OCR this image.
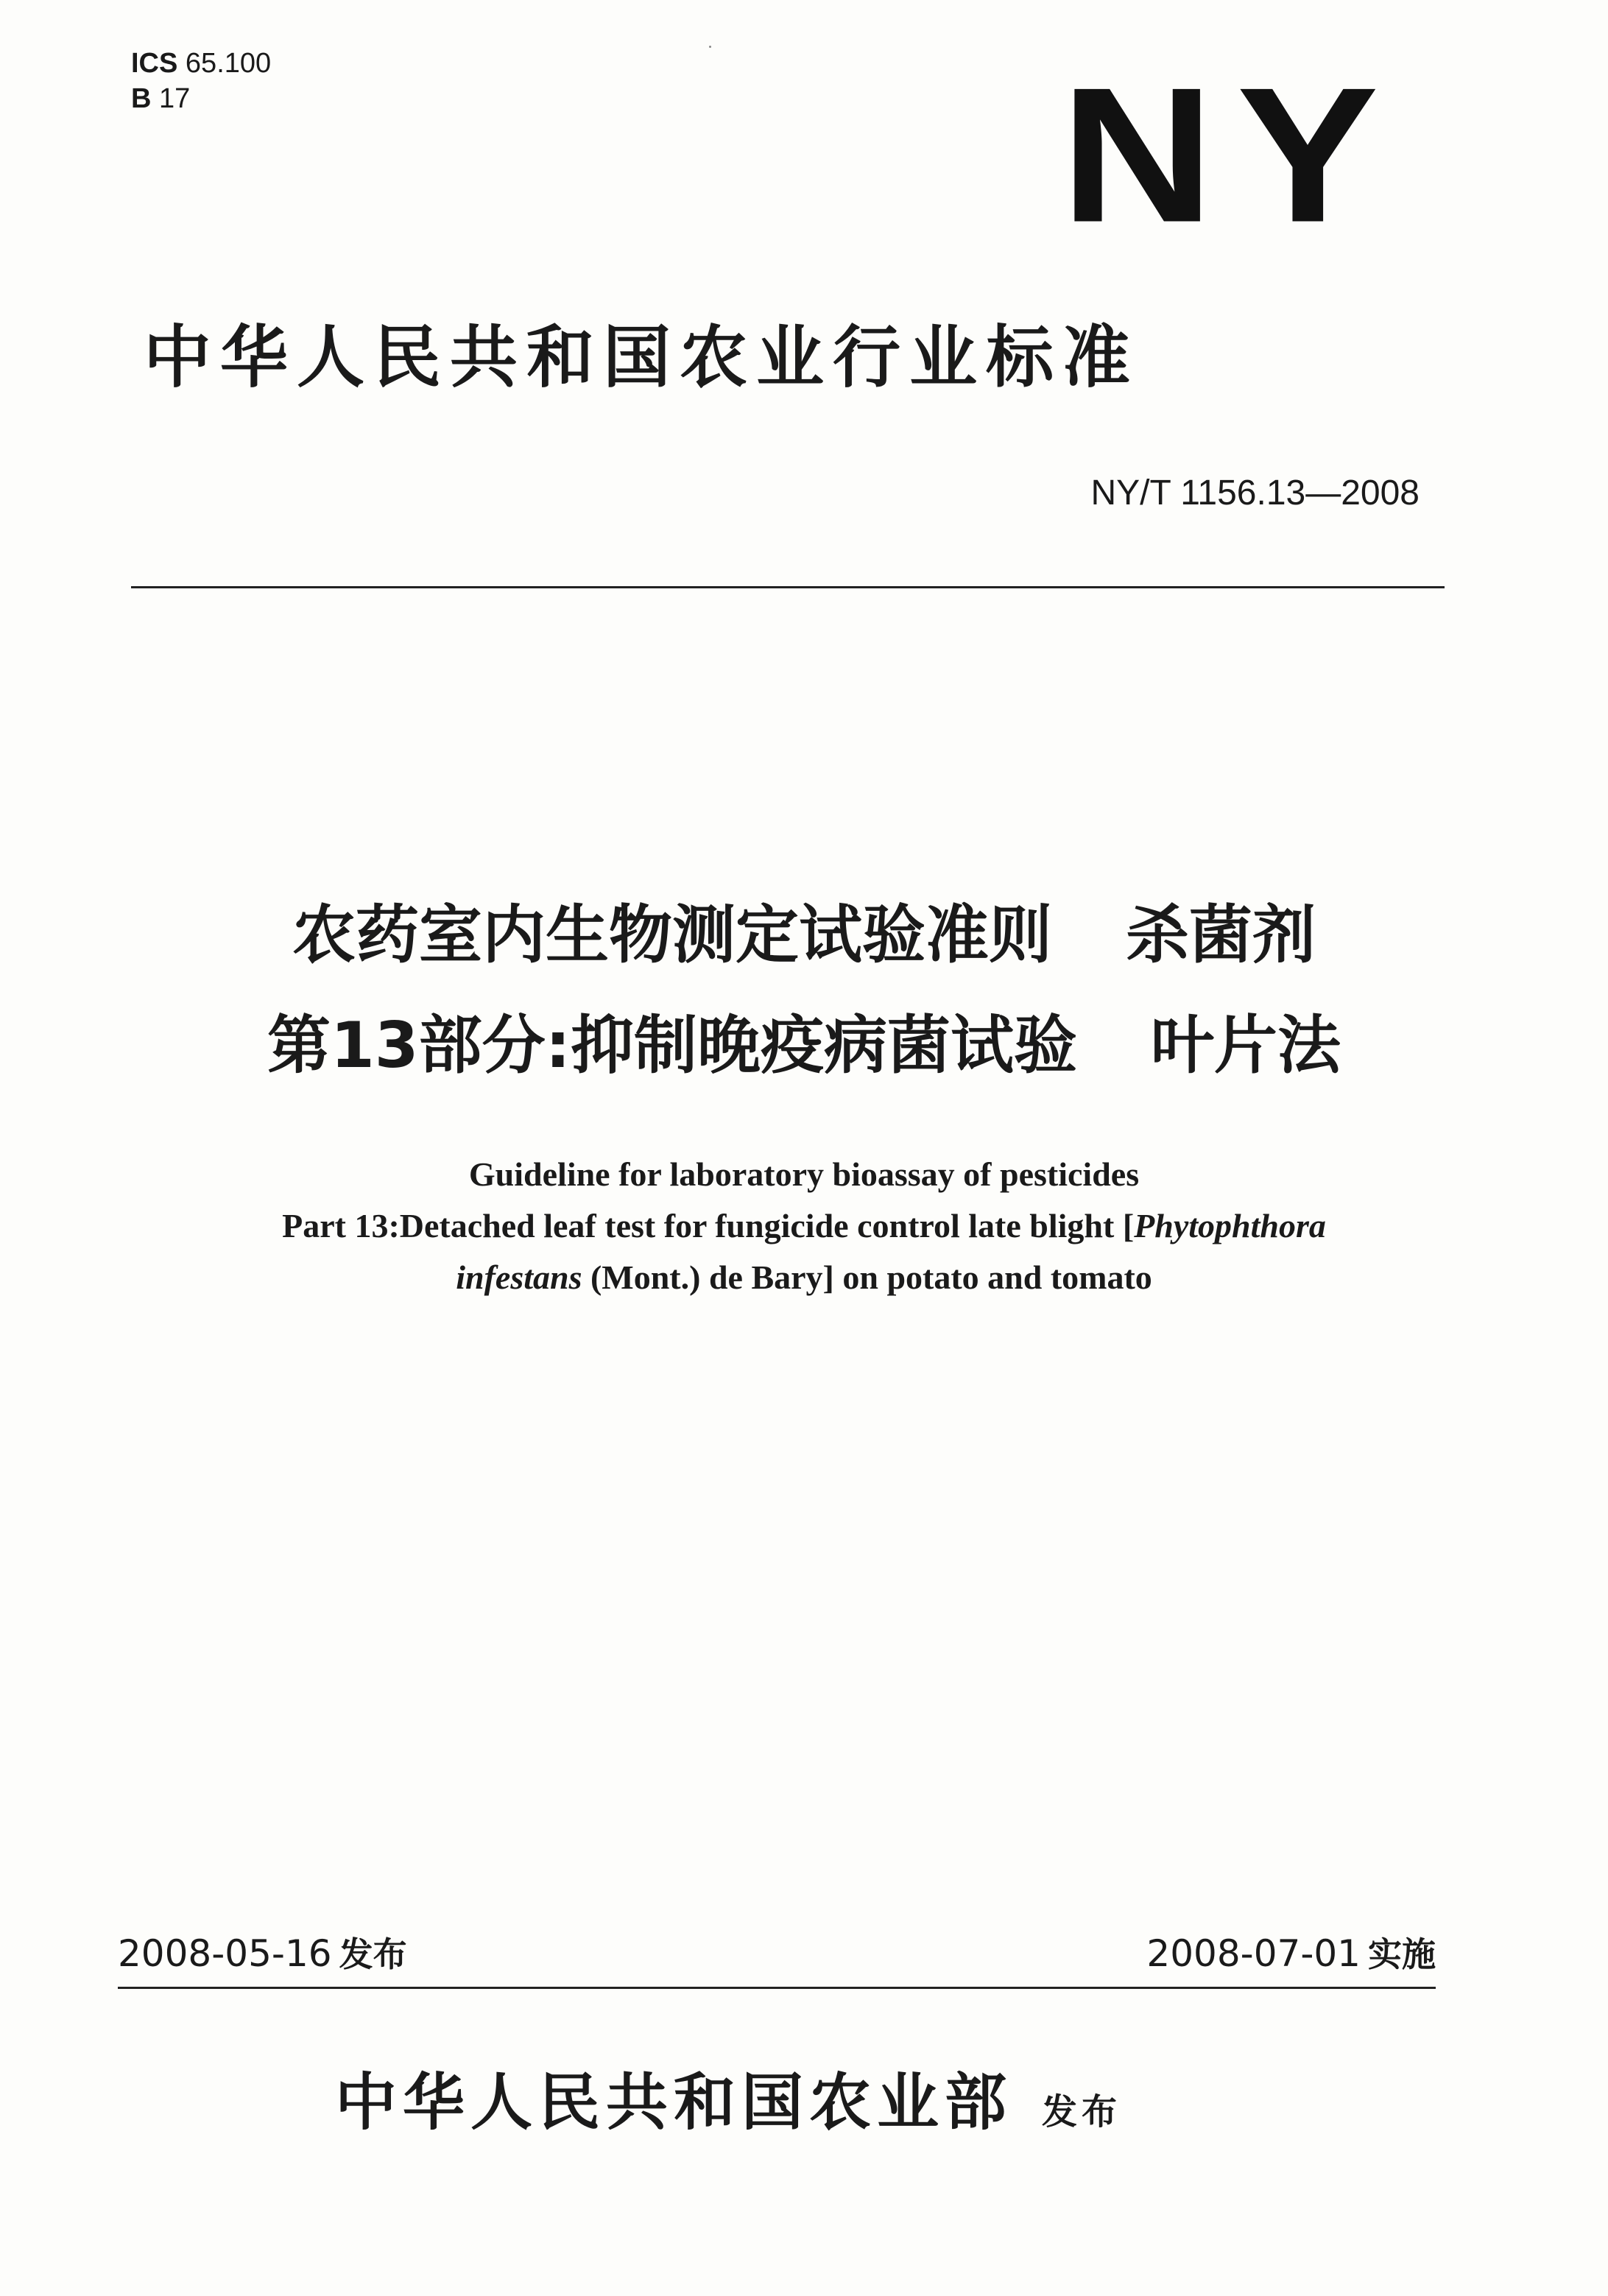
ICS 65.100
B 17	NY
中华人民共和国农业行业标准
NY/T 1156.13—2008
农药室内生物测定试验准则 杀菌剂
第13部分:抑制晚疫病菌试验 叶片法
Guideline for laboratory bioassay of pesticides
Part 13:Detached leaf test for fungicide control late blight [Phytophthora
infestans (Mont.) de Bary] on potato and tomato
2008-05-16 发布	2008-07-01 实施
中华人民共和国农业部 发布
